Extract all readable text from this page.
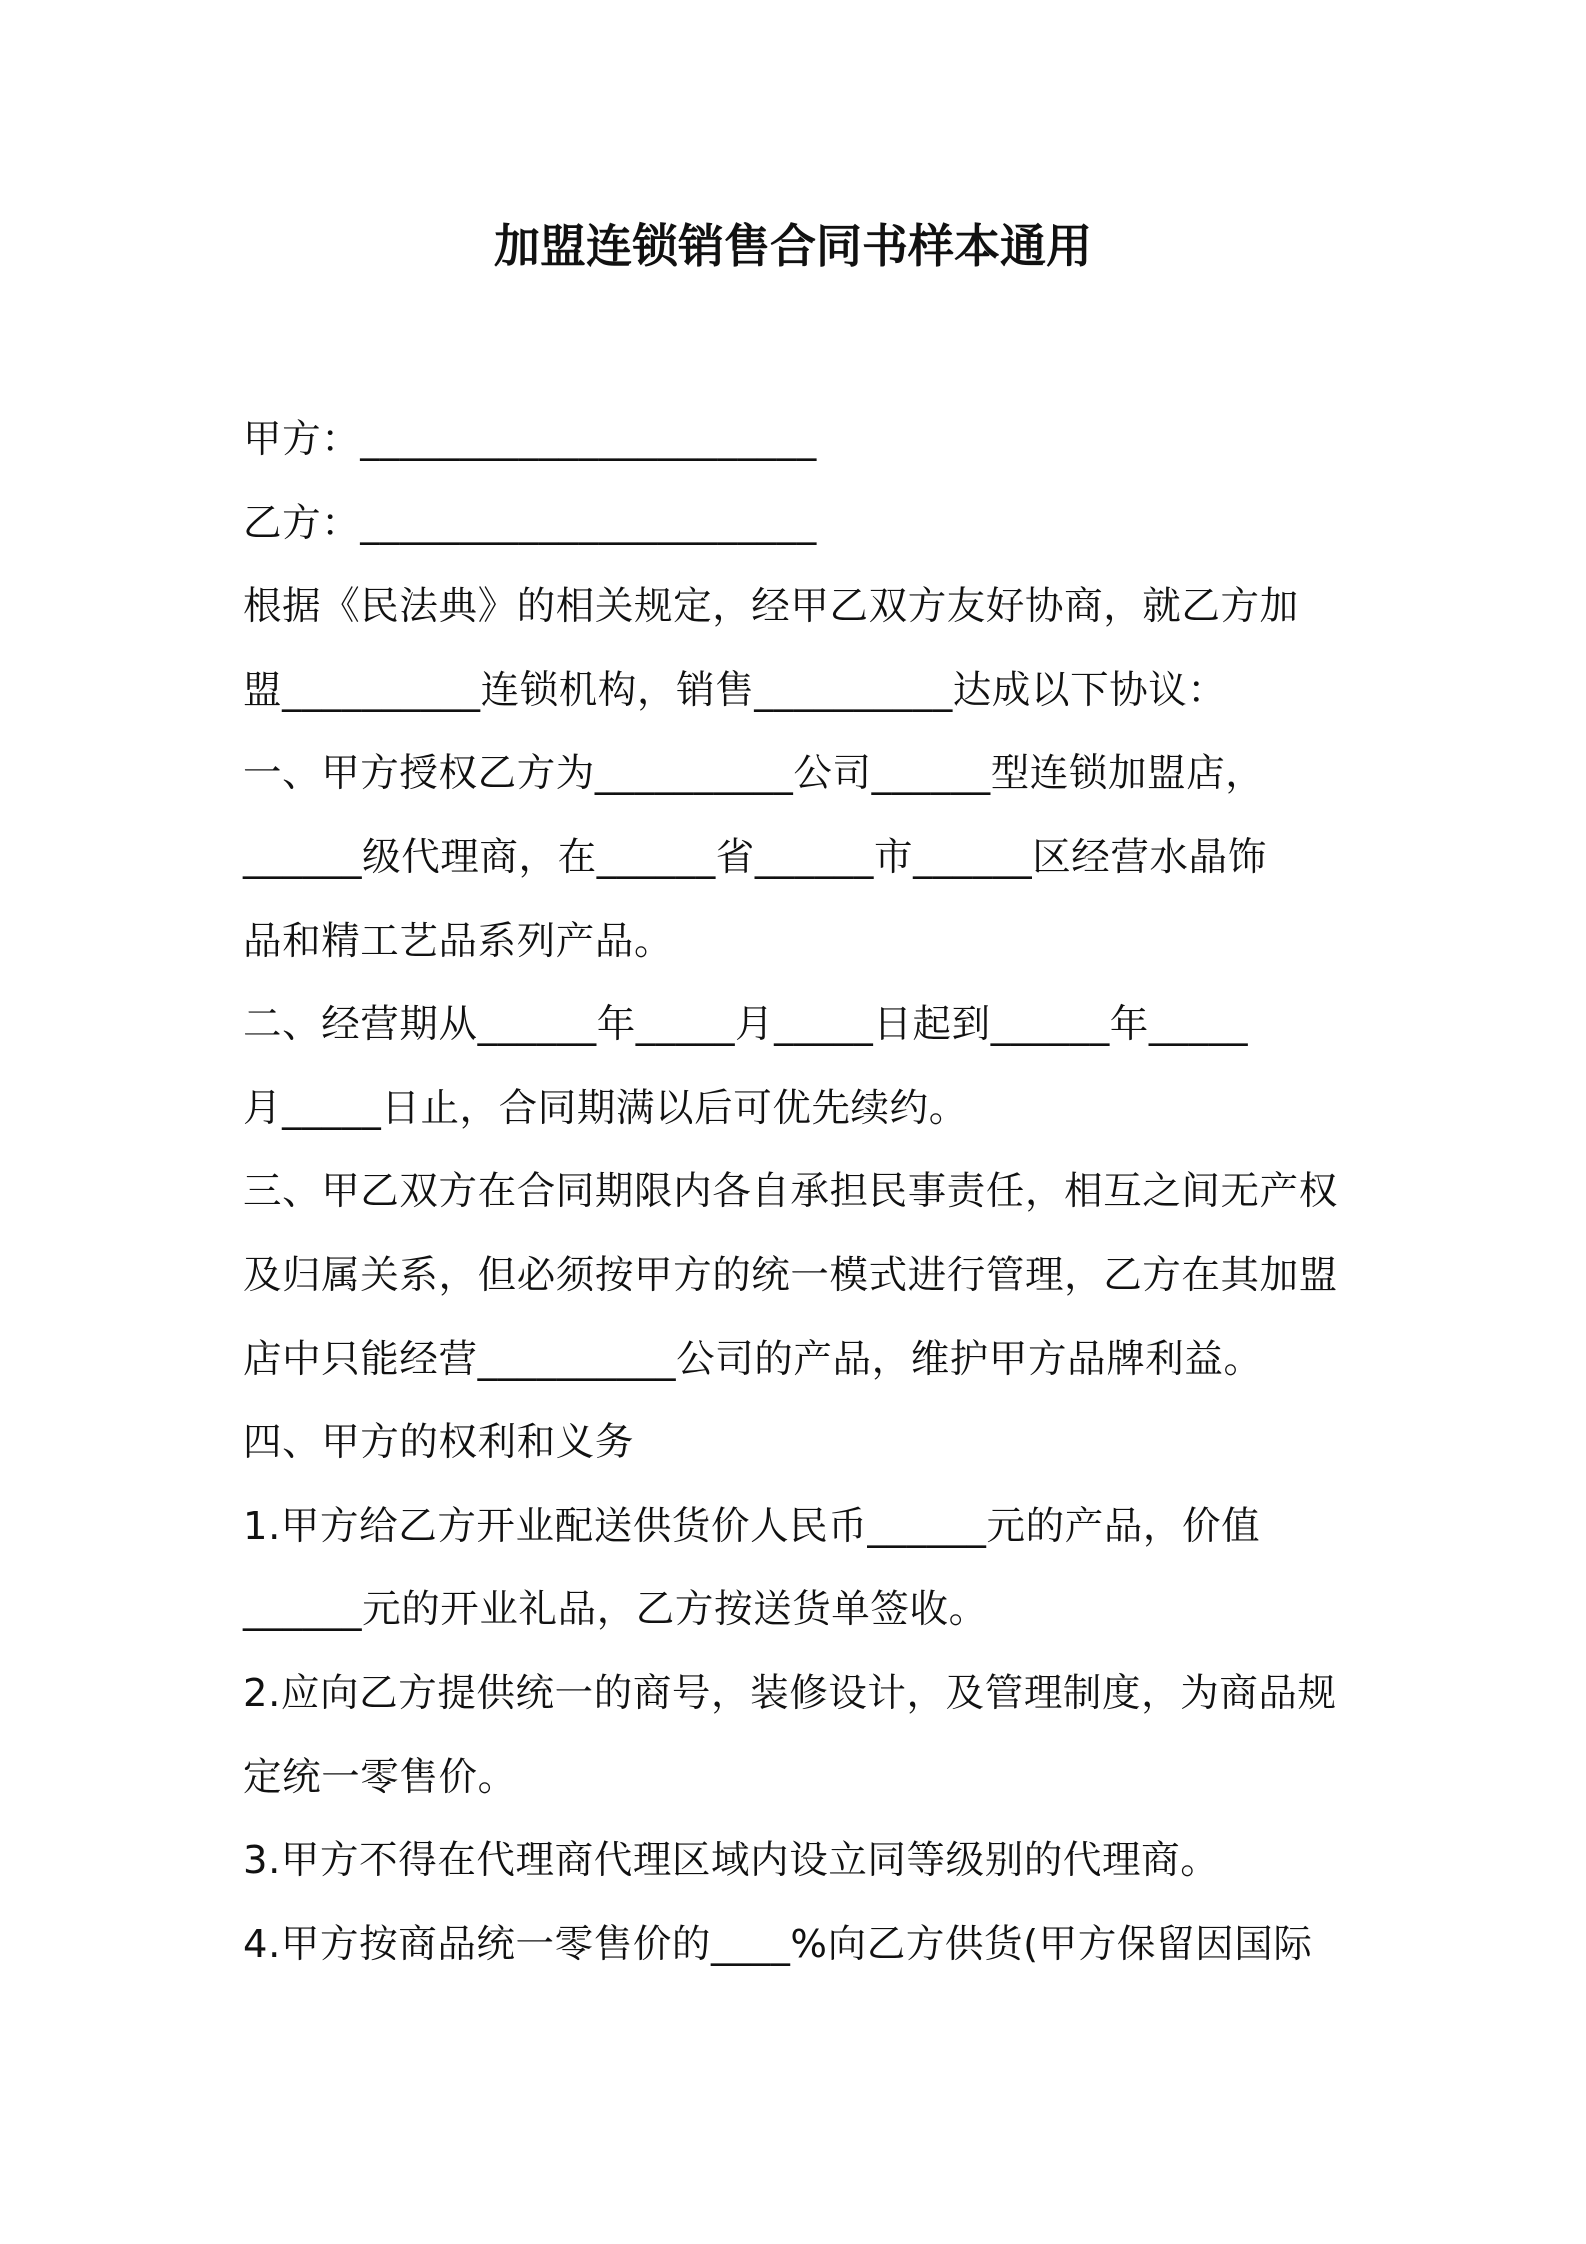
加盟连锁销售合同书样本通用
甲方：_______________________
乙方：_______________________
根据《民法典》的相关规定，经甲乙双方友好协商，就乙方加
盟__________连锁机构，销售__________达成以下协议：
一、甲方授权乙方为__________公司______型连锁加盟店，
______级代理商，在______省______市______区经营水晶饰
品和精工艺品系列产品。
二、经营期从______年_____月_____日起到______年_____
月_____日止，合同期满以后可优先续约。
三、甲乙双方在合同期限内各自承担民事责任，相互之间无产权
及归属关系，但必须按甲方的统一模式进行管理，乙方在其加盟
店中只能经营__________公司的产品，维护甲方品牌利益。
四、甲方的权利和义务
1.甲方给乙方开业配送供货价人民币______元的产品，价值
______元的开业礼品，乙方按送货单签收。
2.应向乙方提供统一的商号，装修设计，及管理制度，为商品规
定统一零售价。
3.甲方不得在代理商代理区域内设立同等级别的代理商。
4.甲方按商品统一零售价的____%向乙方供货(甲方保留因国际
